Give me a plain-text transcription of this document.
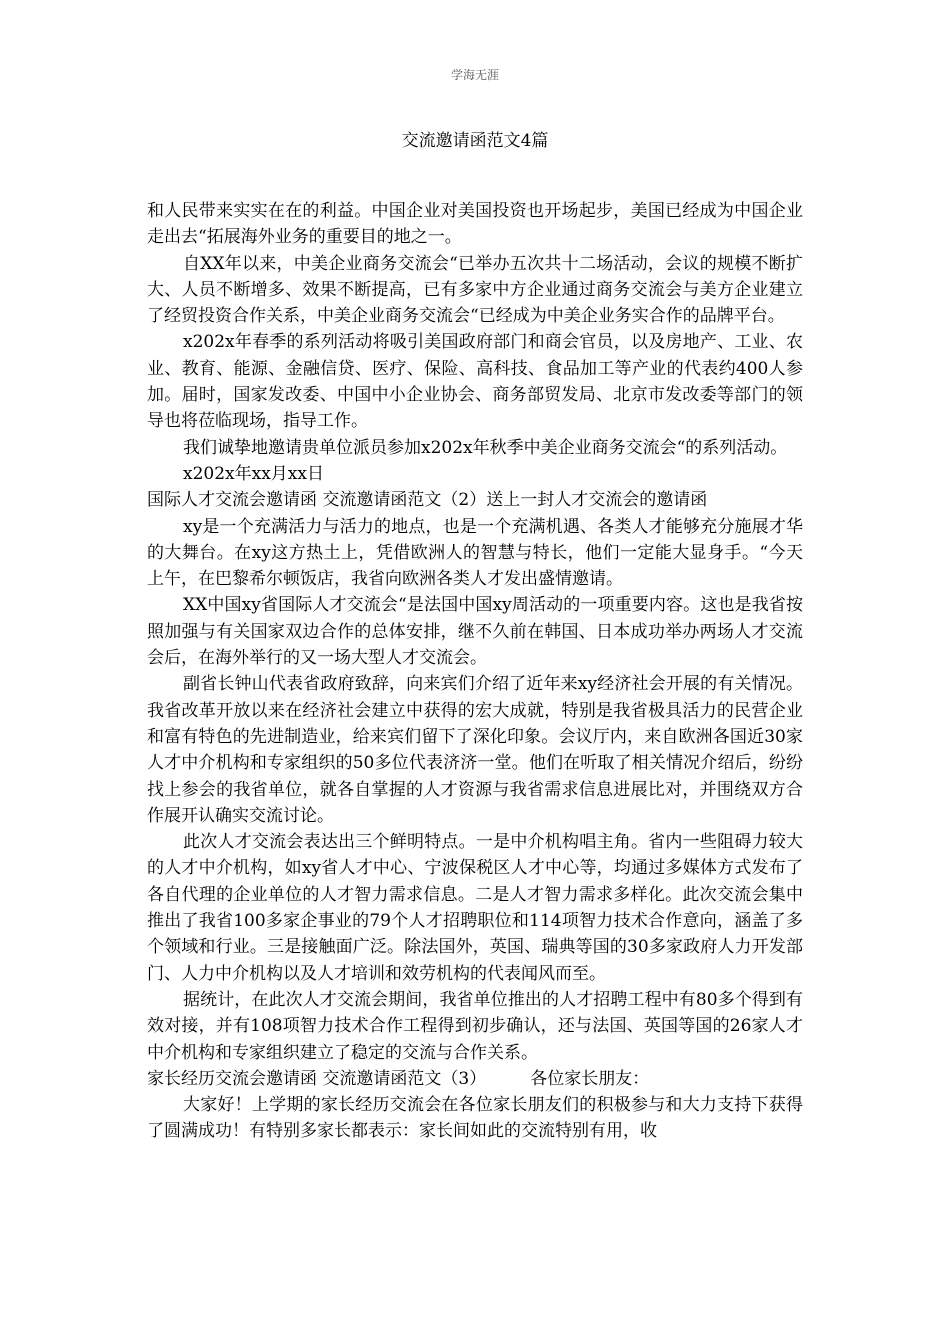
学海无涯
交流邀请函范文4篇

和人民带来实实在在的利益。中国企业对美国投资也开场起步，美国已经成为中国企业走出去“拓展海外业务的重要目的地之一。

自XX年以来，中美企业商务交流会“已举办五次共十二场活动，会议的规模不断扩大、人员不断增多、效果不断提高，已有多家中方企业通过商务交流会与美方企业建立了经贸投资合作关系，中美企业商务交流会“已经成为中美企业务实合作的品牌平台。

x202x年春季的系列活动将吸引美国政府部门和商会官员，以及房地产、工业、农业、教育、能源、金融信贷、医疗、保险、高科技、食品加工等产业的代表约400人参加。届时，国家发改委、中国中小企业协会、商务部贸发局、北京市发改委等部门的领导也将莅临现场，指导工作。

我们诚挚地邀请贵单位派员参加x202x年秋季中美企业商务交流会“的系列活动。

x202x年xx月xx日

国际人才交流会邀请函 交流邀请函范文（2）送上一封人才交流会的邀请函

xy是一个充满活力与活力的地点，也是一个充满机遇、各类人才能够充分施展才华的大舞台。在xy这方热土上，凭借欧洲人的智慧与特长，他们一定能大显身手。“今天上午，在巴黎希尔顿饭店，我省向欧洲各类人才发出盛情邀请。

XX中国xy省国际人才交流会“是法国中国xy周活动的一项重要内容。这也是我省按照加强与有关国家双边合作的总体安排，继不久前在韩国、日本成功举办两场人才交流会后，在海外举行的又一场大型人才交流会。

副省长钟山代表省政府致辞，向来宾们介绍了近年来xy经济社会开展的有关情况。我省改革开放以来在经济社会建立中获得的宏大成就，特别是我省极具活力的民营企业和富有特色的先进制造业，给来宾们留下了深化印象。会议厅内，来自欧洲各国近30家人才中介机构和专家组织的50多位代表济济一堂。他们在听取了相关情况介绍后，纷纷找上参会的我省单位，就各自掌握的人才资源与我省需求信息进展比对，并围绕双方合作展开认确实交流讨论。

此次人才交流会表达出三个鲜明特点。一是中介机构唱主角。省内一些阻碍力较大的人才中介机构，如xy省人才中心、宁波保税区人才中心等，均通过多媒体方式发布了各自代理的企业单位的人才智力需求信息。二是人才智力需求多样化。此次交流会集中推出了我省100多家企事业的79个人才招聘职位和114项智力技术合作意向，涵盖了多个领域和行业。三是接触面广泛。除法国外，英国、瑞典等国的30多家政府人力开发部门、人力中介机构以及人才培训和效劳机构的代表闻风而至。

据统计，在此次人才交流会期间，我省单位推出的人才招聘工程中有80多个得到有效对接，并有108项智力技术合作工程得到初步确认，还与法国、英国等国的26家人才中介机构和专家组织建立了稳定的交流与合作关系。

家长经历交流会邀请函 交流邀请函范文（3）	各位家长朋友：

大家好！上学期的家长经历交流会在各位家长朋友们的积极参与和大力支持下获得了圆满成功！有特别多家长都表示：家长间如此的交流特别有用，收
